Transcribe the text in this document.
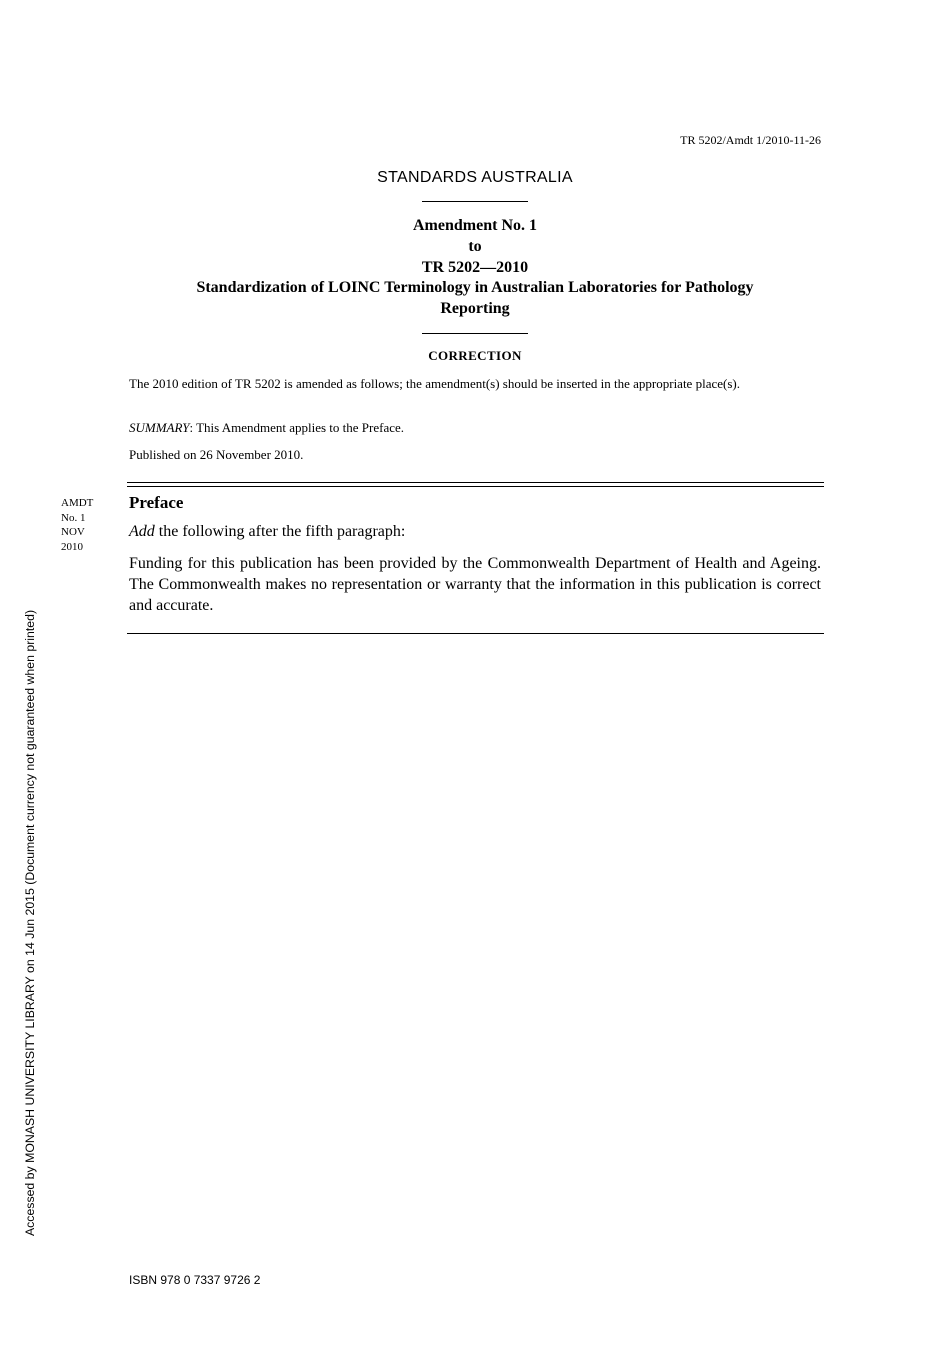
TR 5202/Amdt 1/2010-11-26
STANDARDS AUSTRALIA
Amendment No. 1
to
TR 5202—2010
Standardization of LOINC Terminology in Australian Laboratories for Pathology
Reporting
CORRECTION
The 2010 edition of TR 5202 is amended as follows; the amendment(s) should be inserted in the appropriate place(s).
SUMMARY: This Amendment applies to the Preface.
Published on 26 November 2010.
AMDT
No. 1
NOV
2010
Preface
Add the following after the fifth paragraph:
Funding for this publication has been provided by the Commonwealth Department of Health and Ageing. The Commonwealth makes no representation or warranty that the information in this publication is correct and accurate.
Accessed by MONASH UNIVERSITY LIBRARY on 14 Jun 2015 (Document currency not guaranteed when printed)
ISBN 978 0 7337 9726 2
